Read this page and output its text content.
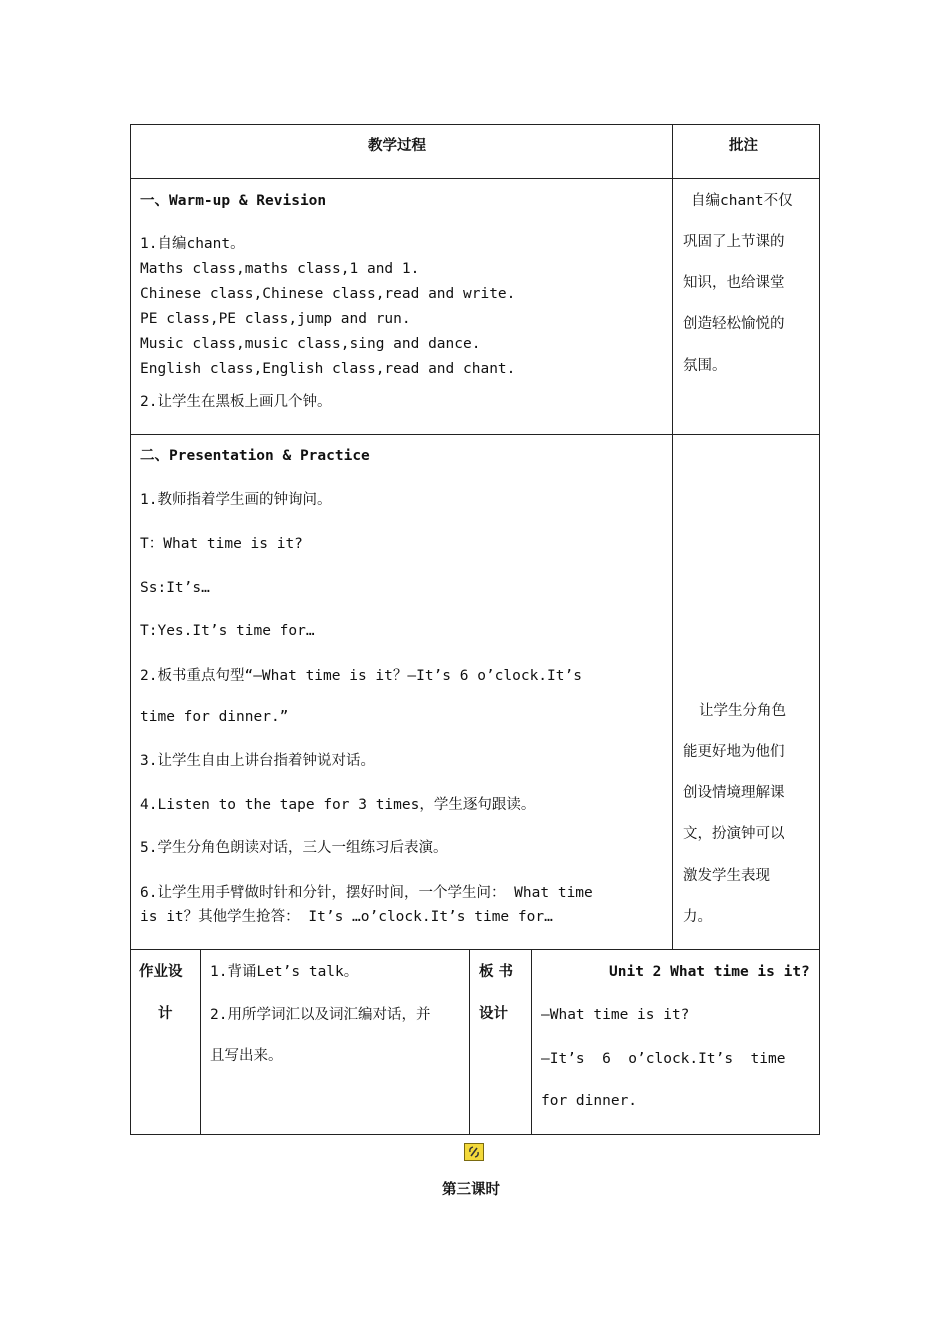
教学过程	批注
一、Warm-up & Revision
1.自编chant。
Maths class,maths class,1 and 1.
Chinese class,Chinese class,read and write.
PE class,PE class,jump and run.
Music class,music class,sing and dance.
English class,English class,read and chant.
2.让学生在黑板上画几个钟。
自编chant不仅
巩固了上节课的
知识，也给课堂
创造轻松愉悦的
氛围。
二、Presentation & Practice
1.教师指着学生画的钟询问。
T：What time is it?
Ss:It’s…
T:Yes.It’s time for…
2.板书重点句型“—What time is it？—It’s 6 o’clock.It’s
time for dinner.”
3.让学生自由上讲台指着钟说对话。
4.Listen to the tape for 3 times，学生逐句跟读。
5.学生分角色朗读对话，三人一组练习后表演。
6.让学生用手臂做时针和分针，摆好时间，一个学生问： What time
is it？其他学生抢答： It’s …o’clock.It’s time for…
让学生分角色
能更好地为他们
创设情境理解课
文，扮演钟可以
激发学生表现
力。
作业设
计
1.背诵Let’s talk。
2.用所学词汇以及词汇编对话，并
且写出来。
板 书
设计
Unit 2 What time is it?
—What time is it?
—It’s  6  o’clock.It’s  time
for dinner.
第三课时
